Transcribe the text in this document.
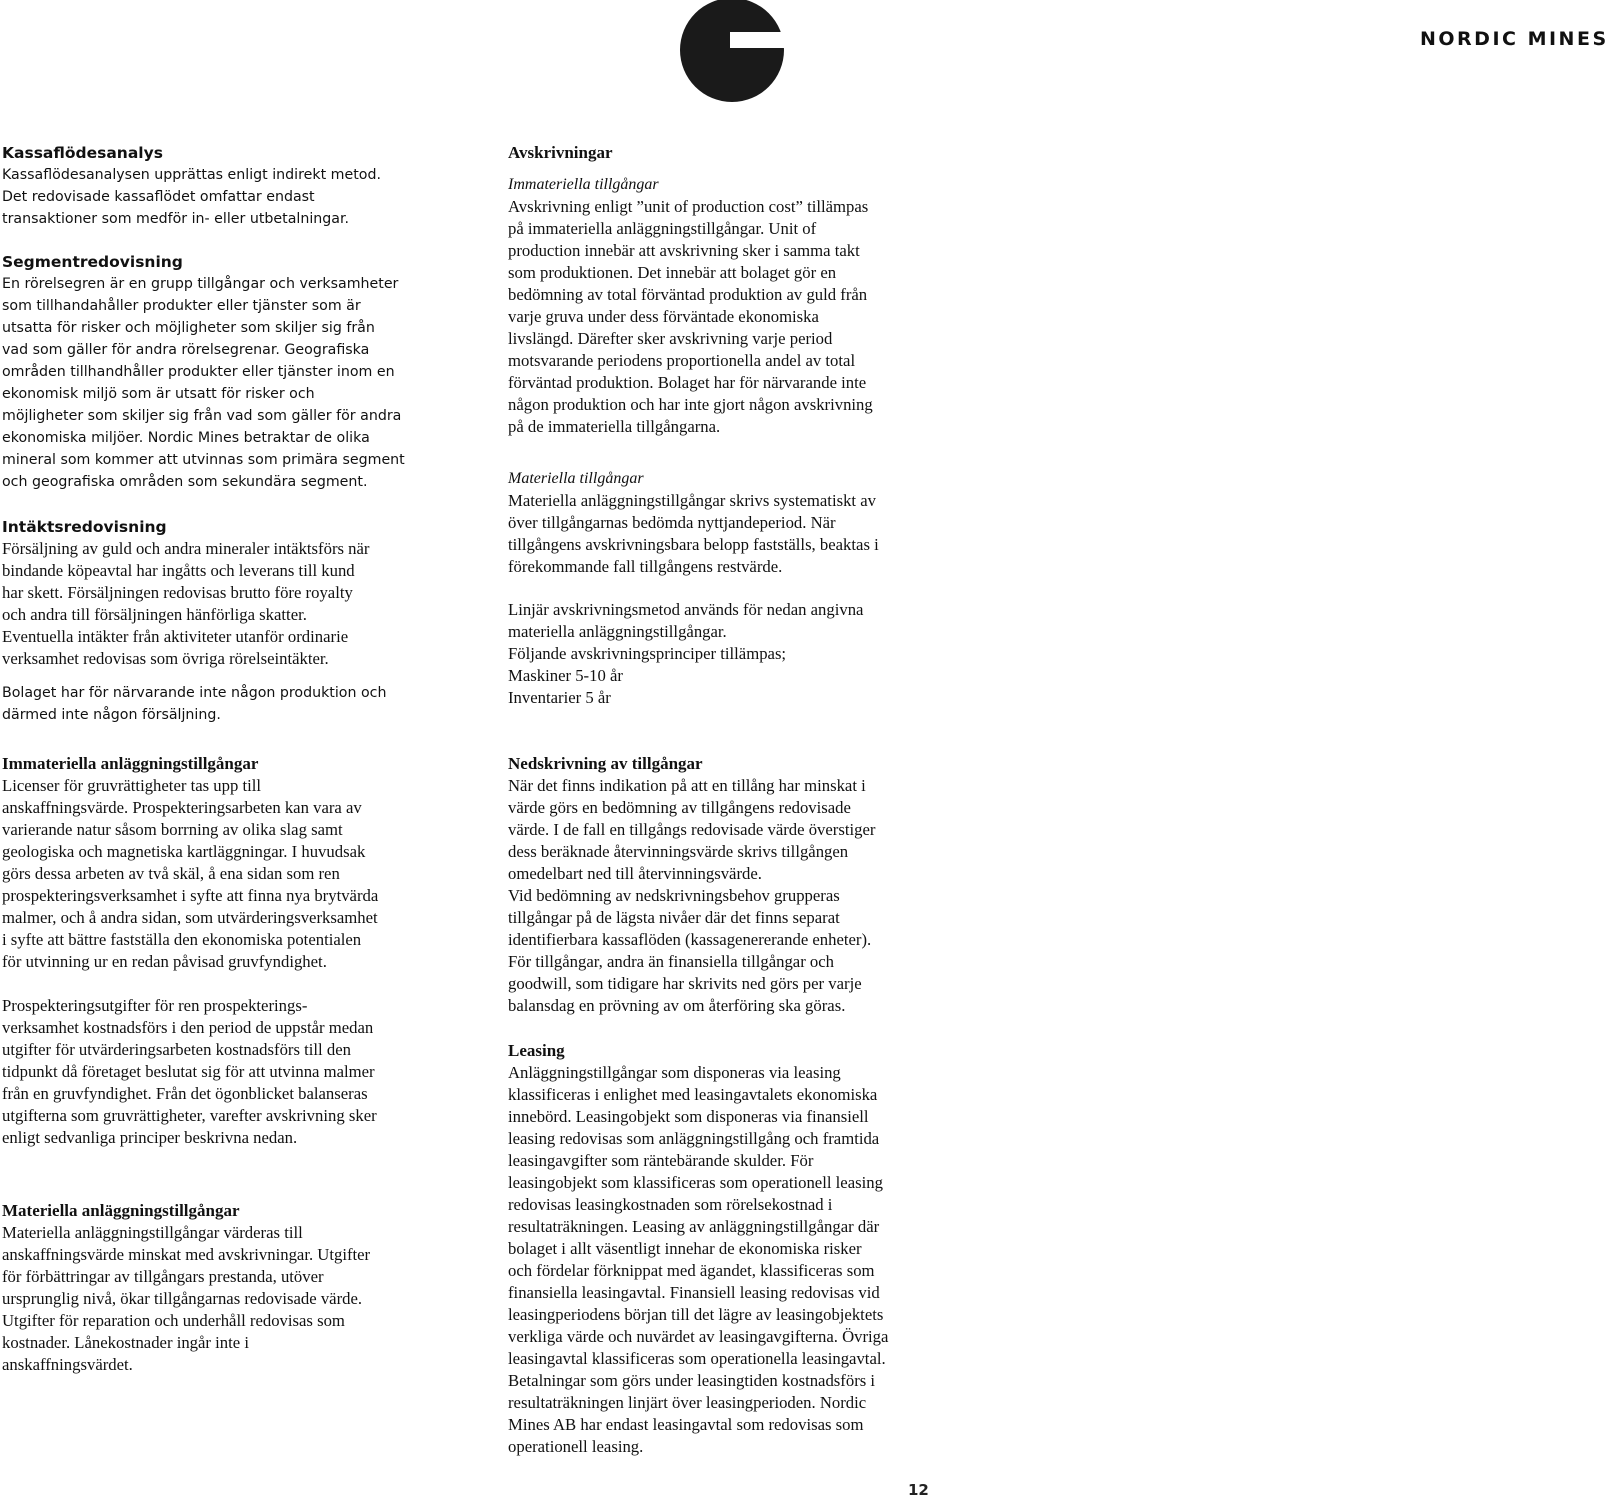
NORDIC MINES
Kassaflödesanalys
Kassaflödesanalysen upprättas enligt indirekt metod.
Det redovisade kassaflödet omfattar endast
transaktioner som medför in- eller utbetalningar.
Segmentredovisning
En rörelsegren är en grupp tillgångar och verksamheter
som tillhandahåller produkter eller tjänster som är
utsatta för risker och möjligheter som skiljer sig från
vad som gäller för andra rörelsegrenar. Geografiska
områden tillhandhåller produkter eller tjänster inom en
ekonomisk miljö som är utsatt för risker och
möjligheter som skiljer sig från vad som gäller för andra
ekonomiska miljöer. Nordic Mines betraktar de olika
mineral som kommer att utvinnas som primära segment
och geografiska områden som sekundära segment.
Intäktsredovisning
Försäljning av guld och andra mineraler intäktsförs när
bindande köpeavtal har ingåtts och leverans till kund
har skett. Försäljningen redovisas brutto före royalty
och andra till försäljningen hänförliga skatter.
Eventuella intäkter från aktiviteter utanför ordinarie
verksamhet redovisas som övriga rörelseintäkter.
Bolaget har för närvarande inte någon produktion och
därmed inte någon försäljning.
Immateriella anläggningstillgångar
Licenser för gruvrättigheter tas upp till
anskaffningsvärde. Prospekteringsarbeten kan vara av
varierande natur såsom borrning av olika slag samt
geologiska och magnetiska kartläggningar. I huvudsak
görs dessa arbeten av två skäl, å ena sidan som ren
prospekteringsverksamhet i syfte att finna nya brytvärda
malmer, och å andra sidan, som utvärderingsverksamhet
i syfte att bättre fastställa den ekonomiska potentialen
för utvinning ur en redan påvisad gruvfyndighet.
Prospekteringsutgifter för ren prospekterings-
verksamhet kostnadsförs i den period de uppstår medan
utgifter för utvärderingsarbeten kostnadsförs till den
tidpunkt då företaget beslutat sig för att utvinna malmer
från en gruvfyndighet. Från det ögonblicket balanseras
utgifterna som gruvrättigheter, varefter avskrivning sker
enligt sedvanliga principer beskrivna nedan.
Materiella anläggningstillgångar
Materiella anläggningstillgångar värderas till
anskaffningsvärde minskat med avskrivningar. Utgifter
för förbättringar av tillgångars prestanda, utöver
ursprunglig nivå, ökar tillgångarnas redovisade värde.
Utgifter för reparation och underhåll redovisas som
kostnader. Lånekostnader ingår inte i
anskaffningsvärdet.
Avskrivningar
Immateriella tillgångar
Avskrivning enligt ”unit of production cost” tillämpas
på immateriella anläggningstillgångar. Unit of
production innebär att avskrivning sker i samma takt
som produktionen. Det innebär att bolaget gör en
bedömning av total förväntad produktion av guld från
varje gruva under dess förväntade ekonomiska
livslängd. Därefter sker avskrivning varje period
motsvarande periodens proportionella andel av total
förväntad produktion. Bolaget har för närvarande inte
någon produktion och har inte gjort någon avskrivning
på de immateriella tillgångarna.
Materiella tillgångar
Materiella anläggningstillgångar skrivs systematiskt av
över tillgångarnas bedömda nyttjandeperiod. När
tillgångens avskrivningsbara belopp fastställs, beaktas i
förekommande fall tillgångens restvärde.
Linjär avskrivningsmetod används för nedan angivna
materiella anläggningstillgångar.
Följande avskrivningsprinciper tillämpas;
Maskiner 5-10 år
Inventarier 5 år
Nedskrivning av tillgångar
När det finns indikation på att en tillång har minskat i
värde görs en bedömning av tillgångens redovisade
värde. I de fall en tillgångs redovisade värde överstiger
dess beräknade återvinningsvärde skrivs tillgången
omedelbart ned till återvinningsvärde.
Vid bedömning av nedskrivningsbehov grupperas
tillgångar på de lägsta nivåer där det finns separat
identifierbara kassaflöden (kassagenererande enheter).
För tillgångar, andra än finansiella tillgångar och
goodwill, som tidigare har skrivits ned görs per varje
balansdag en prövning av om återföring ska göras.
Leasing
Anläggningstillgångar som disponeras via leasing
klassificeras i enlighet med leasingavtalets ekonomiska
innebörd. Leasingobjekt som disponeras via finansiell
leasing redovisas som anläggningstillgång och framtida
leasingavgifter som räntebärande skulder. För
leasingobjekt som klassificeras som operationell leasing
redovisas leasingkostnaden som rörelsekostnad i
resultaträkningen. Leasing av anläggningstillgångar där
bolaget i allt väsentligt innehar de ekonomiska risker
och fördelar förknippat med ägandet, klassificeras som
finansiella leasingavtal. Finansiell leasing redovisas vid
leasingperiodens början till det lägre av leasingobjektets
verkliga värde och nuvärdet av leasingavgifterna. Övriga
leasingavtal klassificeras som operationella leasingavtal.
Betalningar som görs under leasingtiden kostnadsförs i
resultaträkningen linjärt över leasingperioden. Nordic
Mines AB har endast leasingavtal som redovisas som
operationell leasing.
12
